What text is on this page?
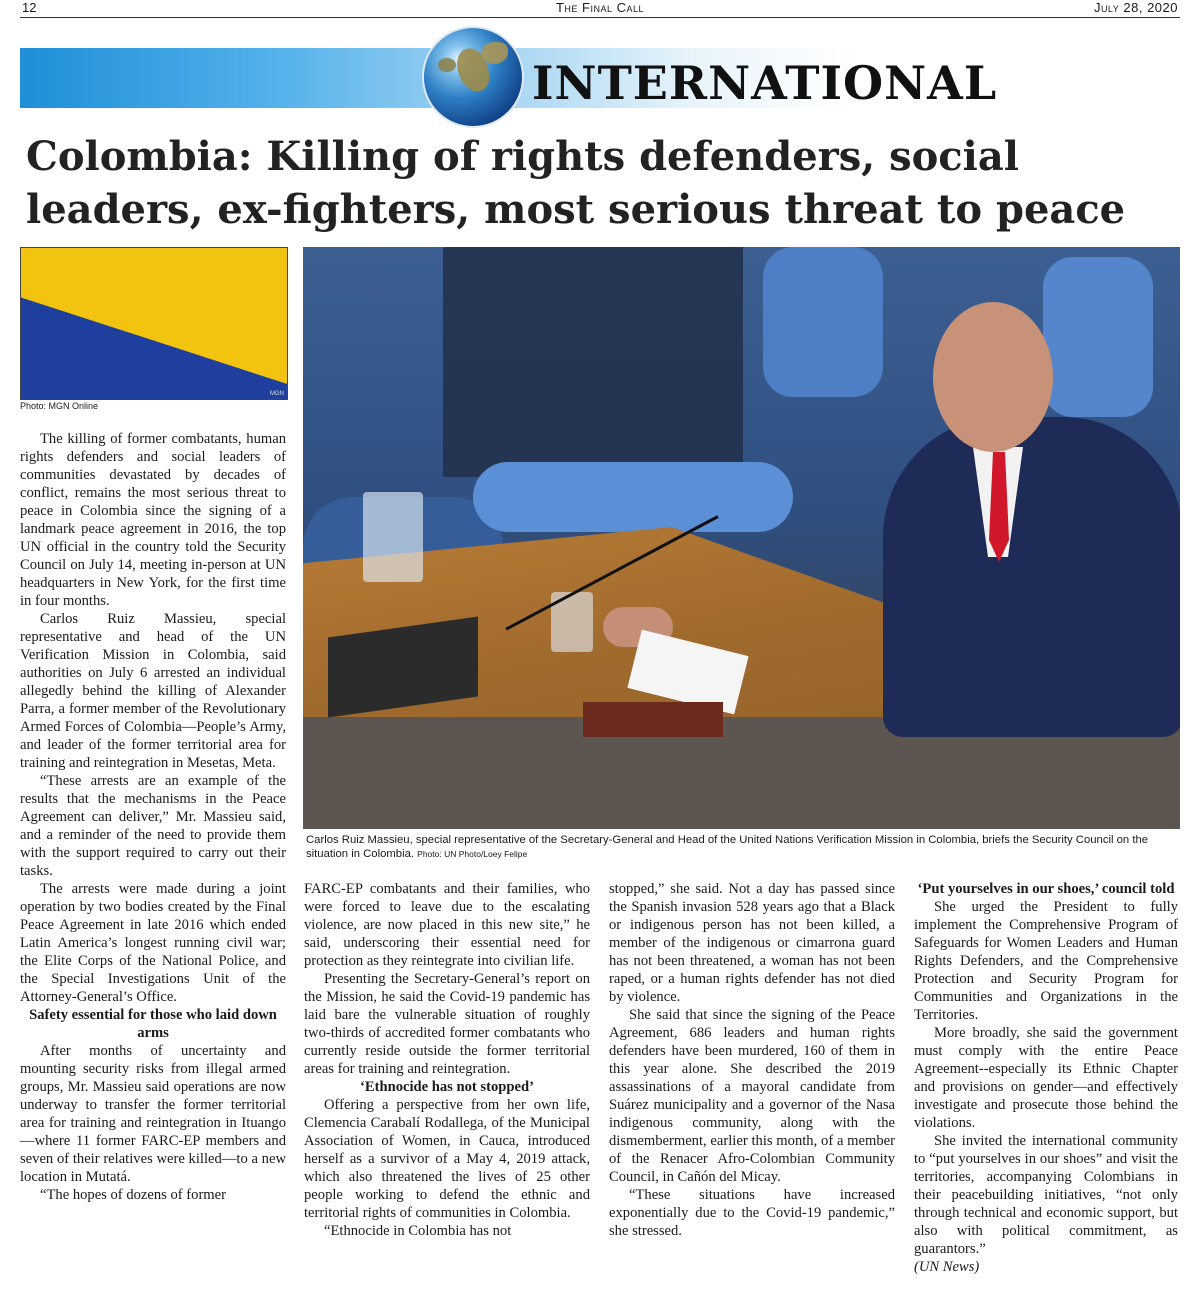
12	The Final Call	July 28, 2020
INTERNATIONAL
Colombia: Killing of rights defenders, social leaders, ex-fighters, most serious threat to peace
MGN
Photo: MGN Online

Carlos Ruiz Massieu, special representative of the Secretary-General and Head of the United Nations Verification Mission in Colombia, briefs the Security Council on the situation in Colombia. Photo: UN Photo/Loey Felipe

The killing of former combatants, human rights defenders and social leaders of communities devastated by decades of conflict, remains the most serious threat to peace in Colombia since the signing of a landmark peace agreement in 2016, the top UN official in the country told the Security Council on July 14, meeting in-person at UN headquarters in New York, for the first time in four months.

Carlos Ruiz Massieu, special representative and head of the UN Verification Mission in Colombia, said authorities on July 6 arrested an individual allegedly behind the killing of Alexander Parra, a former member of the Revolutionary Armed Forces of Colombia—People’s Army, and leader of the former territorial area for training and reintegration in Mesetas, Meta.

“These arrests are an example of the results that the mechanisms in the Peace Agreement can deliver,” Mr. Massieu said, and a reminder of the need to provide them with the support required to carry out their tasks.

The arrests were made during a joint operation by two bodies created by the Final Peace Agreement in late 2016 which ended Latin America’s longest running civil war; the Elite Corps of the National Police, and the Special Investigations Unit of the Attorney-General’s Office.

Safety essential for those who laid down arms

After months of uncertainty and mounting security risks from illegal armed groups, Mr. Massieu said operations are now underway to transfer the former territorial area for training and reintegration in Ituango—where 11 former FARC-EP members and seven of their relatives were killed—to a new location in Mutatá.

“The hopes of dozens of former

FARC-EP combatants and their families, who were forced to leave due to the escalating violence, are now placed in this new site,” he said, underscoring their essential need for protection as they reintegrate into civilian life.

Presenting the Secretary-General’s report on the Mission, he said the Covid-19 pandemic has laid bare the vulnerable situation of roughly two-thirds of accredited former combatants who currently reside outside the former territorial areas for training and reintegration.

‘Ethnocide has not stopped’

Offering a perspective from her own life, Clemencia Carabalí Rodallega, of the Municipal Association of Women, in Cauca, introduced herself as a survivor of a May 4, 2019 attack, which also threatened the lives of 25 other people working to defend the ethnic and territorial rights of communities in Colombia.

“Ethnocide in Colombia has not

stopped,” she said. Not a day has passed since the Spanish invasion 528 years ago that a Black or indigenous person has not been killed, a member of the indigenous or cimarrona guard has not been threatened, a woman has not been raped, or a human rights defender has not died by violence.

She said that since the signing of the Peace Agreement, 686 leaders and human rights defenders have been murdered, 160 of them in this year alone. She described the 2019 assassinations of a mayoral candidate from Suárez municipality and a governor of the Nasa indigenous community, along with the dismemberment, earlier this month, of a member of the Renacer Afro-Colombian Community Council, in Cañón del Micay.

“These situations have increased exponentially due to the Covid-19 pandemic,” she stressed.

‘Put yourselves in our shoes,’ council told

She urged the President to fully implement the Comprehensive Program of Safeguards for Women Leaders and Human Rights Defenders, and the Comprehensive Protection and Security Program for Communities and Organizations in the Territories.

More broadly, she said the government must comply with the entire Peace Agreement--especially its Ethnic Chapter and provisions on gender—and effectively investigate and prosecute those behind the violations.

She invited the international community to “put yourselves in our shoes” and visit the territories, accompanying Colombians in their peacebuilding initiatives, “not only through technical and economic support, but also with political commitment, as guarantors.”

(UN News)
